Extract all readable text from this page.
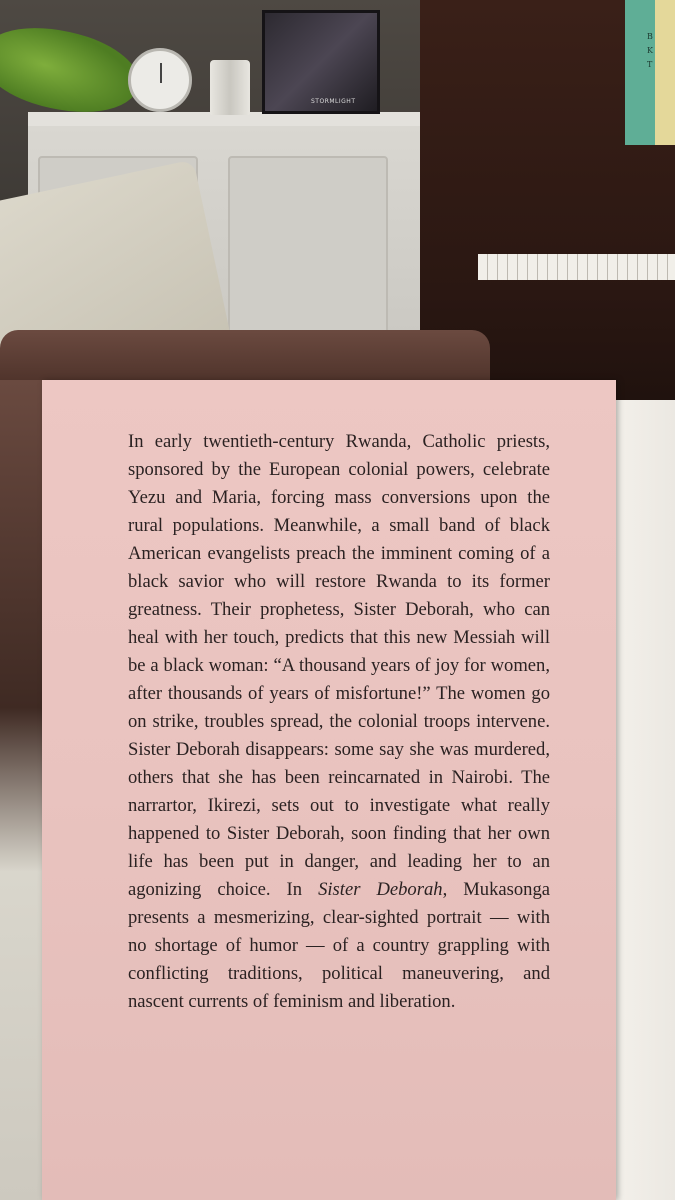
STORMLIGHT
B K T

In early twentieth-century Rwanda, Catholic priests, sponsored by the European colonial powers, celebrate Yezu and Maria, forcing mass conversions upon the rural populations. Meanwhile, a small band of black American evangelists preach the imminent coming of a black savior who will restore Rwanda to its former greatness. Their prophetess, Sister Deborah, who can heal with her touch, predicts that this new Messiah will be a black woman: “A thousand years of joy for women, after thousands of years of misfortune!” The women go on strike, troubles spread, the colonial troops intervene. Sister Deborah disappears: some say she was murdered, others that she has been reincarnated in Nairobi. The narrartor, Ikirezi, sets out to investigate what really happened to Sister Deborah, soon finding that her own life has been put in danger, and leading her to an agonizing choice. In Sister Deborah, Mukasonga presents a mesmerizing, clear-sighted portrait — with no shortage of humor — of a country grappling with conflicting traditions, political maneuvering, and nascent currents of feminism and liberation.
